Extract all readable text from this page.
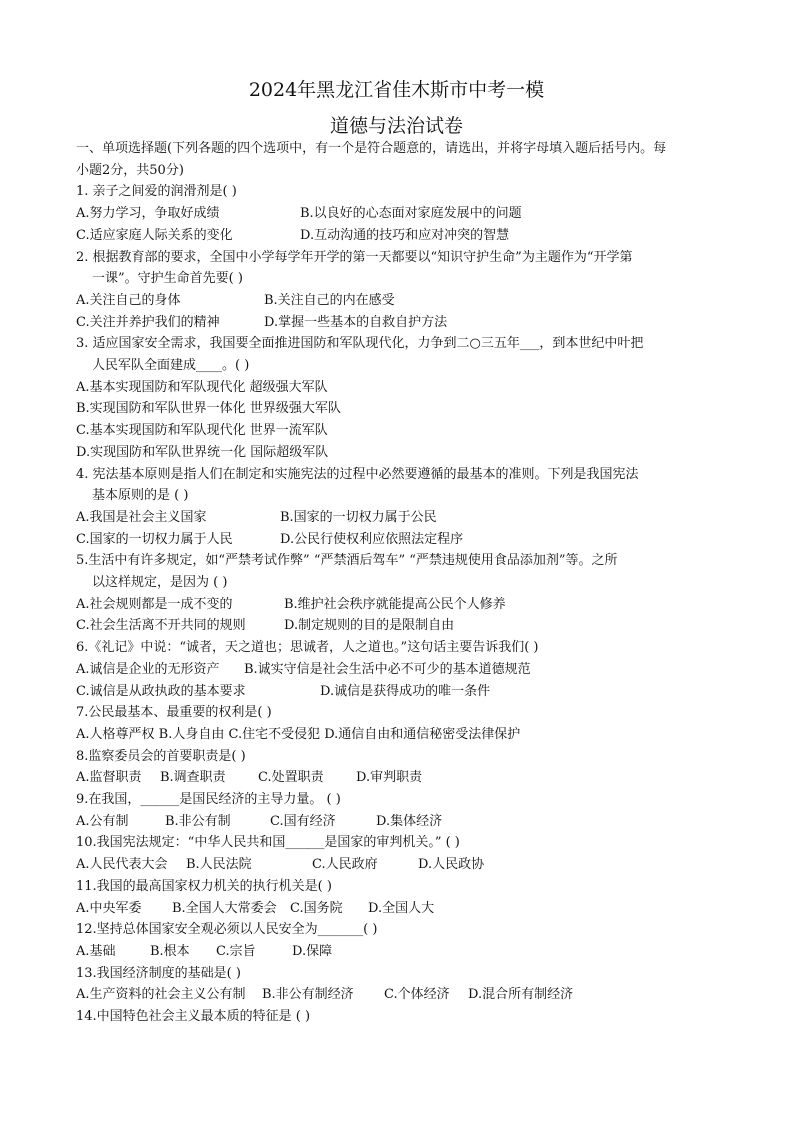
2024年黑龙江省佳木斯市中考一模
道德与法治试卷
一、单项选择题(下列各题的四个选项中，有一个是符合题意的，请选出，并将字母填入题后括号内。每
小题2分，共50分)
1. 亲子之间爱的润滑剂是( )
A.努力学习，争取好成绩	B.以良好的心态面对家庭发展中的问题
C.适应家庭人际关系的变化	D.互动沟通的技巧和应对冲突的智慧
2. 根据教育部的要求，全国中小学每学年开学的第一天都要以“知识守护生命”为主题作为“开学第
一课”。守护生命首先要( )
A.关注自己的身体	B.关注自己的内在感受
C.关注并养护我们的精神	D.掌握一些基本的自救自护方法
3. 适应国家安全需求，我国要全面推进国防和军队现代化，力争到二○三五年___，到本世纪中叶把
人民军队全面建成____。( )
A.基本实现国防和军队现代化 超级强大军队
B.实现国防和军队世界一体化 世界级强大军队
C.基本实现国防和军队现代化 世界一流军队
D.实现国防和军队世界统一化 国际超级军队
4. 宪法基本原则是指人们在制定和实施宪法的过程中必然要遵循的最基本的准则。下列是我国宪法
基本原则的是 ( )
A.我国是社会主义国家	B.国家的一切权力属于公民
C.国家的一切权力属于人民	D.公民行使权利应依照法定程序
5.生活中有许多规定，如“严禁考试作弊” “严禁酒后驾车” “严禁违规使用食品添加剂”等。之所
以这样规定，是因为 ( )
A.社会规则都是一成不变的	B.维护社会秩序就能提高公民个人修养
C.社会生活离不开共同的规则	D.制定规则的目的是限制自由
6.《礼记》中说：“诚者，天之道也；思诚者，人之道也。”这句话主要告诉我们( )
A.诚信是企业的无形资产 B.诚实守信是社会生活中必不可少的基本道德规范
C.诚信是从政执政的基本要求	D.诚信是获得成功的唯一条件
7.公民最基本、最重要的权利是( )
A.人格尊严权 B.人身自由 C.住宅不受侵犯 D.通信自由和通信秘密受法律保护
8.监察委员会的首要职责是( )
A.监督职责 B.调查职责 C.处置职责 D.审判职责
9.在我国，______是国民经济的主导力量。 ( )
A.公有制	B.非公有制	C.国有经济	D.集体经济
10.我国宪法规定：“中华人民共和国______是国家的审判机关。” ( )
A.人民代表大会 B.人民法院	C.人民政府	D.人民政协
11.我国的最高国家权力机关的执行机关是( )
A.中央军委 B.全国人大常委会 C.国务院 D.全国人大
12.坚持总体国家安全观必须以人民安全为_______( )
A.基础	B.根本 C.宗旨	D.保障
13.我国经济制度的基础是( )
A.生产资料的社会主义公有制 B.非公有制经济 C.个体经济 D.混合所有制经济
14.中国特色社会主义最本质的特征是 ( )
